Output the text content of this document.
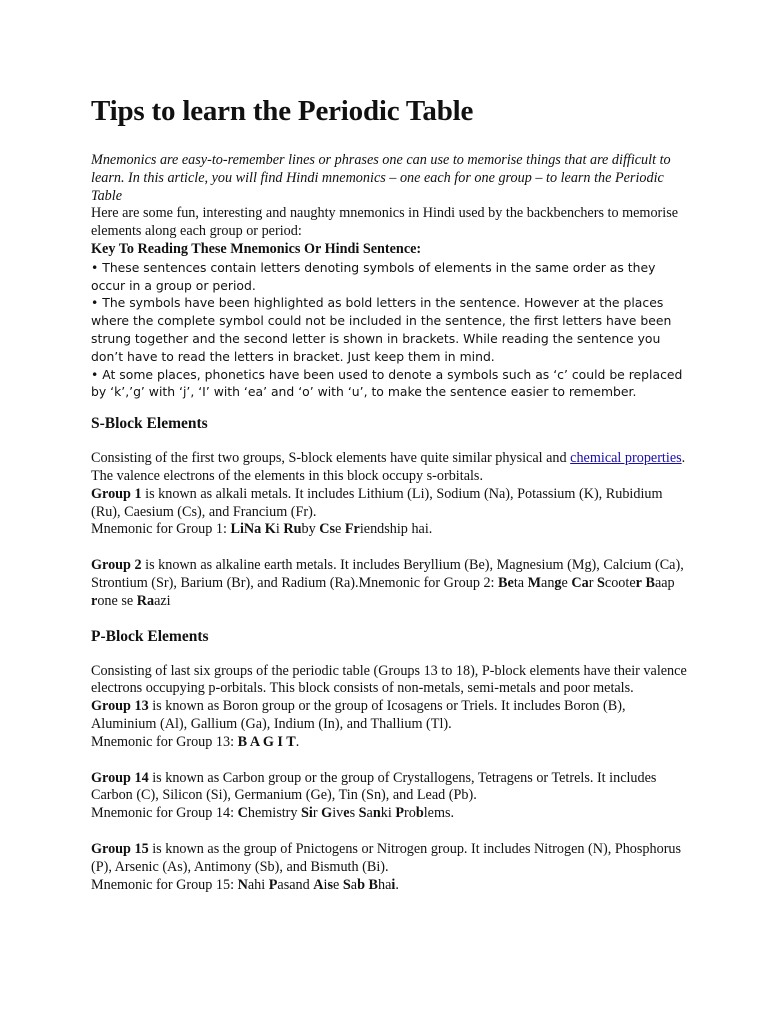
Tips to learn the Periodic Table

Mnemonics are easy-to-remember lines or phrases one can use to memorise things that are difficult to learn. In this article, you will find Hindi mnemonics – one each for one group – to learn the Periodic Table

Here are some fun, interesting and naughty mnemonics in Hindi used by the backbenchers to memorise elements along each group or period:

Key To Reading These Mnemonics Or Hindi Sentence:

• These sentences contain letters denoting symbols of elements in the same order as they occur in a group or period.

• The symbols have been highlighted as bold letters in the sentence. However at the places where the complete symbol could not be included in the sentence, the first letters have been strung together and the second letter is shown in brackets. While reading the sentence you don’t have to read the letters in bracket. Just keep them in mind.

• At some places, phonetics have been used to denote a symbols such as ‘c’ could be replaced by ‘k’,’g’ with ‘j’, ‘I’ with ‘ea’ and ‘o’ with ‘u’, to make the sentence easier to remember.

S-Block Elements

Consisting of the first two groups, S-block elements have quite similar physical and chemical properties. The valence electrons of the elements in this block occupy s-orbitals.

Group 1 is known as alkali metals. It includes Lithium (Li), Sodium (Na), Potassium (K), Rubidium (Ru), Caesium (Cs), and Francium (Fr).

Mnemonic for Group 1: LiNa Ki Ruby Cse Friendship hai.

Group 2 is known as alkaline earth metals. It includes Beryllium (Be), Magnesium (Mg), Calcium (Ca), Strontium (Sr), Barium (Br), and Radium (Ra).Mnemonic for Group 2: Beta Mange Car Scooter Baap rone se Raazi

P-Block Elements

Consisting of last six groups of the periodic table (Groups 13 to 18), P-block elements have their valence electrons occupying p-orbitals. This block consists of non-metals, semi-metals and poor metals.

Group 13 is known as Boron group or the group of Icosagens or Triels. It includes Boron (B), Aluminium (Al), Gallium (Ga), Indium (In), and Thallium (Tl).

Mnemonic for Group 13: B A G I T.

Group 14 is known as Carbon group or the group of Crystallogens, Tetragens or Tetrels. It includes Carbon (C), Silicon (Si), Germanium (Ge), Tin (Sn), and Lead (Pb).

Mnemonic for Group 14: Chemistry Sir Gives Sanki Problems.

Group 15 is known as the group of Pnictogens or Nitrogen group. It includes Nitrogen (N), Phosphorus (P), Arsenic (As), Antimony (Sb), and Bismuth (Bi).

Mnemonic for Group 15: Nahi Pasand Aise Sab Bhai.
